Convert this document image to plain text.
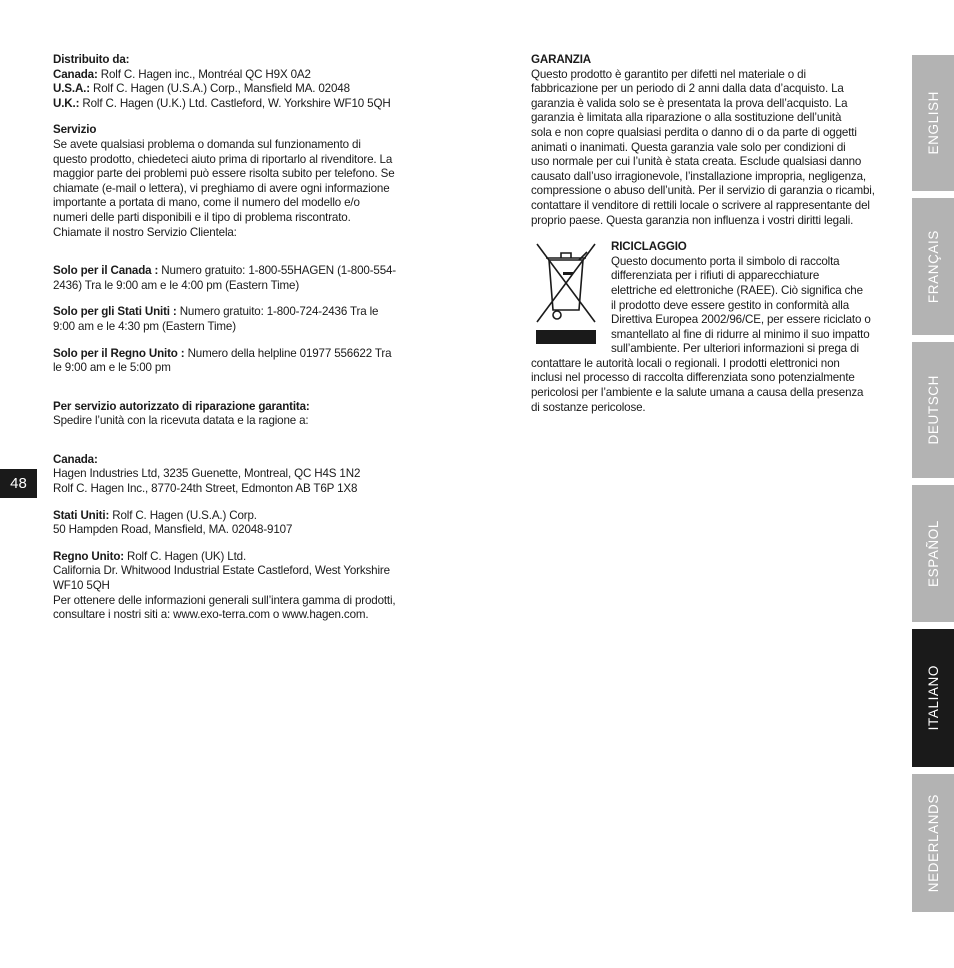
Distribuito da:
Canada: Rolf C. Hagen inc., Montréal QC H9X 0A2
U.S.A.: Rolf C. Hagen (U.S.A.) Corp., Mansfield MA. 02048
U.K.: Rolf C. Hagen (U.K.) Ltd. Castleford, W. Yorkshire WF10 5QH
Servizio
Se avete qualsiasi problema o domanda sul funzionamento di
questo prodotto, chiedeteci aiuto prima di riportarlo al rivenditore. La
maggior parte dei problemi può essere risolta subito per telefono. Se
chiamate (e-mail o lettera), vi preghiamo di avere ogni informazione
importante a portata di mano, come il numero del modello e/o
numeri delle parti disponibili e il tipo di problema riscontrato.
Chiamate il nostro Servizio Clientela:
Solo per il Canada : Numero gratuito: 1-800-55HAGEN (1-800-554-
2436) Tra le 9:00 am e le 4:00 pm (Eastern Time)
Solo per gli Stati Uniti : Numero gratuito: 1-800-724-2436 Tra le
9:00 am e le 4:30 pm (Eastern Time)
Solo per il Regno Unito : Numero della helpline 01977 556622 Tra
le 9:00 am e le 5:00 pm
Per servizio autorizzato di riparazione garantita:
Spedire l’unità con la ricevuta datata e la ragione a:
Canada:
Hagen Industries Ltd, 3235 Guenette, Montreal, QC H4S 1N2
Rolf C. Hagen Inc., 8770-24th Street, Edmonton AB T6P 1X8
Stati Uniti: Rolf C. Hagen (U.S.A.) Corp.
50 Hampden Road, Mansfield, MA. 02048-9107
Regno Unito: Rolf C. Hagen (UK) Ltd.
California Dr. Whitwood Industrial Estate Castleford, West Yorkshire
WF10 5QH
Per ottenere delle informazioni generali sull’intera gamma di prodotti,
consultare i nostri siti a: www.exo-terra.com o www.hagen.com.
GARANZIA
Questo prodotto è garantito per difetti nel materiale o di
fabbricazione per un periodo di 2 anni dalla data d’acquisto. La
garanzia è valida solo se è presentata la prova dell’acquisto. La
garanzia è limitata alla riparazione o alla sostituzione dell’unità
sola e non copre qualsiasi perdita o danno di o da parte di oggetti
animati o inanimati. Questa garanzia vale solo per condizioni di
uso normale per cui l’unità è stata creata. Esclude qualsiasi danno
causato dall’uso irragionevole, l’installazione impropria, negligenza,
compressione o abuso dell’unità. Per il servizio di garanzia o ricambi,
contattare il venditore di rettili locale o scrivere al rappresentante del
proprio paese. Questa garanzia non influenza i vostri diritti legali.
RICICLAGGIO
Questo documento porta il simbolo di raccolta
differenziata per i rifiuti di apparecchiature
elettriche ed elettroniche (RAEE). Ciò significa che
il prodotto deve essere gestito in conformità alla
Direttiva Europea 2002/96/CE, per essere riciclato o
smantellato al fine di ridurre al minimo il suo impatto
sull’ambiente. Per ulteriori informazioni si prega di
contattare le autorità locali o regionali. I prodotti elettronici non
inclusi nel processo di raccolta differenziata sono potenzialmente
pericolosi per l’ambiente e la salute umana a causa della presenza
di sostanze pericolose.
48
ENGLISH
FRANÇAIS
DEUTSCH
ESPAÑOL
ITALIANO
NEDERLANDS
